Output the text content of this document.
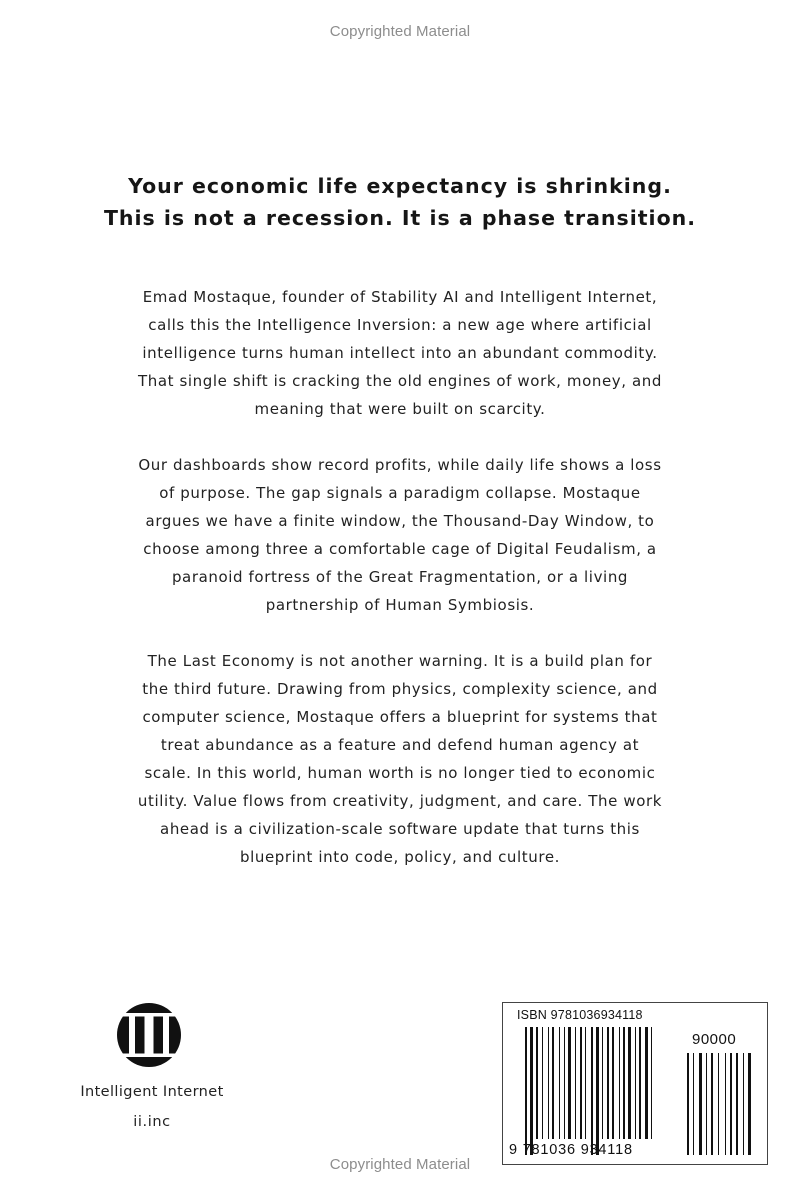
Copyrighted Material
Your economic life expectancy is shrinking.
This is not a recession. It is a phase transition.
Emad Mostaque, founder of Stability AI and Intelligent Internet,
calls this the Intelligence Inversion: a new age where artificial
intelligence turns human intellect into an abundant commodity.
That single shift is cracking the old engines of work, money, and
meaning that were built on scarcity.
Our dashboards show record profits, while daily life shows a loss
of purpose. The gap signals a paradigm collapse. Mostaque
argues we have a finite window, the Thousand-Day Window, to
choose among three a comfortable cage of Digital Feudalism, a
paranoid fortress of the Great Fragmentation, or a living
partnership of Human Symbiosis.
The Last Economy is not another warning. It is a build plan for
the third future. Drawing from physics, complexity science, and
computer science, Mostaque offers a blueprint for systems that
treat abundance as a feature and defend human agency at
scale. In this world, human worth is no longer tied to economic
utility. Value flows from creativity, judgment, and care. The work
ahead is a civilization-scale software update that turns this
blueprint into code, policy, and culture.
Intelligent Internet
ii.inc
ISBN 9781036934118
90000
9 781036 934118
Copyrighted Material
